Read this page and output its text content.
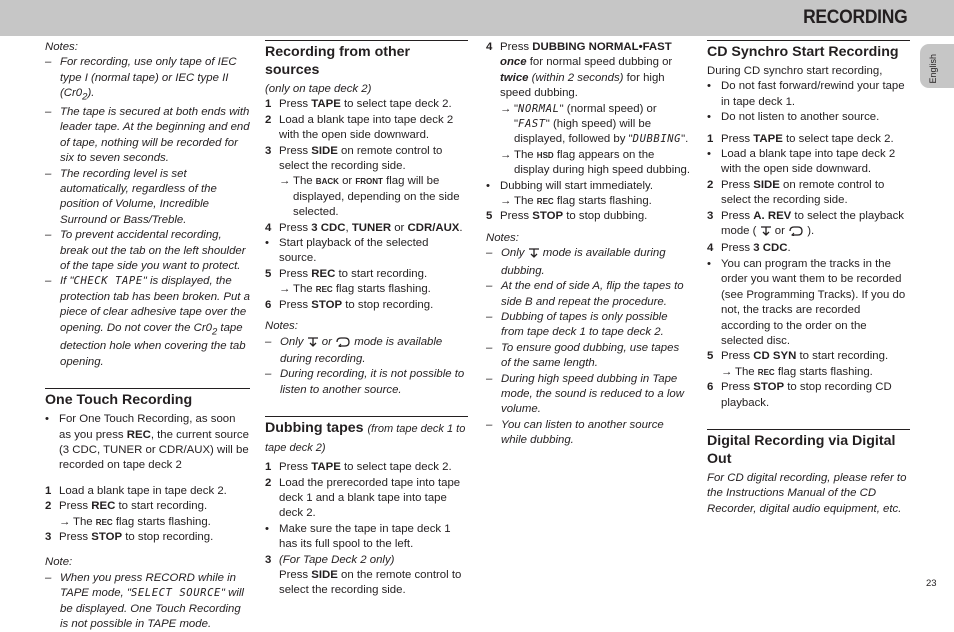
RECORDING
English

Notes:

– For recording, use only tape of IEC type I (normal tape) or IEC type II $(Cr0_2)$.
– The tape is secured at both ends with leader tape. At the beginning and end of tape, nothing will be recorded for six to seven seconds.
– The recording level is set automatically, regardless of the position of Volume, Incredible Surround or Bass/Treble.
– To prevent accidental recording, break out the tab on the left shoulder of the tape side you want to protect.
– If "CHECK TAPE" is displayed, the protection tab has been broken. Put a piece of clear adhesive tape over the opening. Do not cover the $Cr0_2$ tape detection hole when covering the tab opening.
One Touch Recording
• For One Touch Recording, as soon as you press REC, the current source (3 CDC, TUNER or CDR/AUX) will be recorded on tape deck 2
1 Load a blank tape in tape deck 2.
2 Press REC to start recording.
→ The REC flag starts flashing.
3 Press STOP to stop recording.

Note:

– When you press RECORD while in TAPE mode, "SELECT SOURCE" will be displayed. One Touch Recording is not possible in TAPE mode.
Recording from other sources
(only on tape deck 2)
1 Press TAPE to select tape deck 2.
2 Load a blank tape into tape deck 2 with the open side downward.
3 Press SIDE on remote control to select the recording side.
→ The BACK or FRONT flag will be displayed, depending on the side selected.
4 Press 3 CDC, TUNER or CDR/AUX.
• Start playback of the selected source.
5 Press REC to start recording.
→ The REC flag starts flashing.
6 Press STOP to stop recording.

Notes:

– Only  or  mode is available during recording.
– During recording, it is not possible to listen to another source.
Dubbing tapes (from tape deck 1 to
tape deck 2)
1 Press TAPE to select tape deck 2.
2 Load the prerecorded tape into tape deck 1 and a blank tape into tape deck 2.
• Make sure the tape in tape deck 1 has its full spool to the left.
3 (For Tape Deck 2 only)
Press SIDE on the remote control to select the recording side.
4 Press DUBBING NORMAL•FAST
once for normal speed dubbing or
twice (within 2 seconds) for high speed dubbing.
→ "NORMAL" (normal speed) or "FAST" (high speed) will be displayed, followed by "DUBBING".
→ The HSD flag appears on the display during high speed dubbing.
• Dubbing will start immediately.
→ The REC flag starts flashing.
5 Press STOP to stop dubbing.

Notes:

– Only  mode is available during dubbing.
– At the end of side A, flip the tapes to side B and repeat the procedure.
– Dubbing of tapes is only possible from tape deck 1 to tape deck 2.
– To ensure good dubbing, use tapes of the same length.
– During high speed dubbing in Tape mode, the sound is reduced to a low volume.
– You can listen to another source while dubbing.
CD Synchro Start Recording
During CD synchro start recording,
• Do not fast forward/rewind your tape in tape deck 1.
• Do not listen to another source.
1 Press TAPE to select tape deck 2.
• Load a blank tape into tape deck 2 with the open side downward.
2 Press SIDE on remote control to select the recording side.
3 Press A. REV to select the playback mode (  or  ).
4 Press 3 CDC.
• You can program the tracks in the order you want them to be recorded (see Programming Tracks). If you do not, the tracks are recorded according to the order on the selected disc.
5 Press CD SYN to start recording.
→ The REC flag starts flashing.
6 Press STOP to stop recording CD playback.
Digital Recording via Digital Out
For CD digital recording, please refer to the Instructions Manual of the CD Recorder, digital audio equipment, etc.
23
